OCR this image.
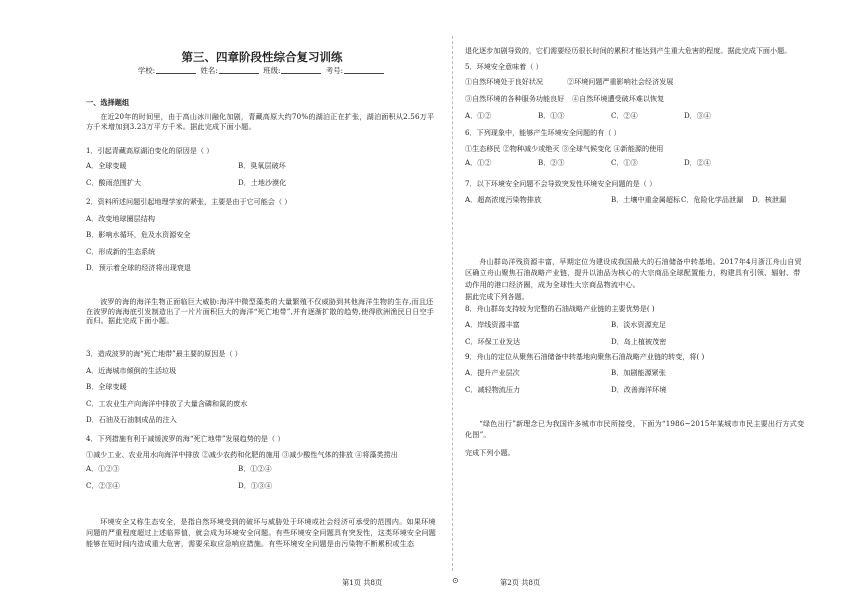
第三、四章阶段性综合复习训练
学校:	姓名:	班级:	考号:
一、选择题组
在近20年的时间里，由于高山冰川融化加剧，青藏高原大约70%的湖泊正在扩张，湖泊面积从2.56万平方千米增加到3.23万平方千米。据此完成下面小题。
1．引起青藏高原湖泊变化的原因是（ ）
A．全球变暖	B．臭氧层破坏
C．酸雨范围扩大	D．土地沙漠化
2．资料所述问题引起地理学家的紧张，主要是由于它可能会（ ）
A．改变地球圈层结构
B．影响水循环，危及水资源安全
C．形成新的生态系统
D．预示着全球的经济将出现衰退
波罗的海的海洋生物正面临巨大威胁:海洋中微型藻类的大量繁殖不仅威胁到其他海洋生物的生存,而且还在波罗的海海底引发制造出了一片片面积巨大的海洋“死亡地带”,并有逐渐扩散的趋势,使得欧洲渔民日日空手而归。据此完成下面小题。
3．造成波罗的海“死亡地带”最主要的原因是（ ）
A．近海城市倾倒的生活垃圾
B．全球变暖
C．工农业生产向海洋中排放了大量含磷和氮的废水
D．石油及石油制成品的注入
4．下列措施有利于减缓波罗的海“死亡地带”发展趋势的是（ ）
①减少工业、农业用水向海洋中排放 ②减少农药和化肥的施用 ③减少酸性气体的排放 ④将藻类捞出
A．①②③	B．①②④
C．②③④	D．①③④
环境安全又称生态安全，是指自然环境受到的破坏与威胁处于环境或社会经济可承受的范围内。如果环境问题的严重程度超过上述临界值，就会成为环境安全问题。有些环境安全问题具有突发性，这类环境安全问题能够在短时间内造成重大危害，需要采取应急响应措施。有些环境安全问题是由污染物不断累积或生态
退化逐步加剧导致的，它们需要经历很长时间的累积才能达到产生重大危害的程度。据此完成下面小题。
5．环境安全意味着（ ）
①自然环境处于良好状况	②环境问题严重影响社会经济发展
③自然环境的各种服务功能良好 ④自然环境遭受破坏难以恢复
A．①②	B．①③	C．②④	D．③④
6．下列现象中，能够产生环境安全问题的有（ ）
①生态移民 ②物种减少或绝灭 ③全球气候变化 ④新能源的使用
A．①②	B．②③	C．①③	D．②④
7．以下环境安全问题不会导致突发性环境安全问题的是（ ）
A．超高浓度污染物排放	B．土壤中重金属超标 C．危险化学品泄漏 D．核泄漏
舟山群岛洋残资源丰富，早期定位为建设成我国最大的石油储备中转基地。2017年4月浙江舟山自贸区确立舟山聚焦石油战略产业链，提升以油品为核心的大宗商品全球配置能力，构建具有引领、辐射、带动作用的港口经济圈，成为全球性大宗商品物流中心。
据此完成下列各题。
8．舟山群岛支持较为完整的石油战略产业链的主要优势是( )
A．岸线资源丰富	B．淡水资源充足
C．环保工业发达	D．岛上植被茂密
9．舟山的定位从聚焦石油储备中转基地向聚焦石油战略产业链的转变，将( )
A．提升产业层次	B．加剧能源紧张
C．减轻物流压力	D．改善海洋环境
“绿色出行”新理念已为我国许多城市市民所接受，下面为“1986~2015年某城市市民主要出行方式变化图”。
完成下列小题。
第1页 共8页	⊙	第2页 共8页
